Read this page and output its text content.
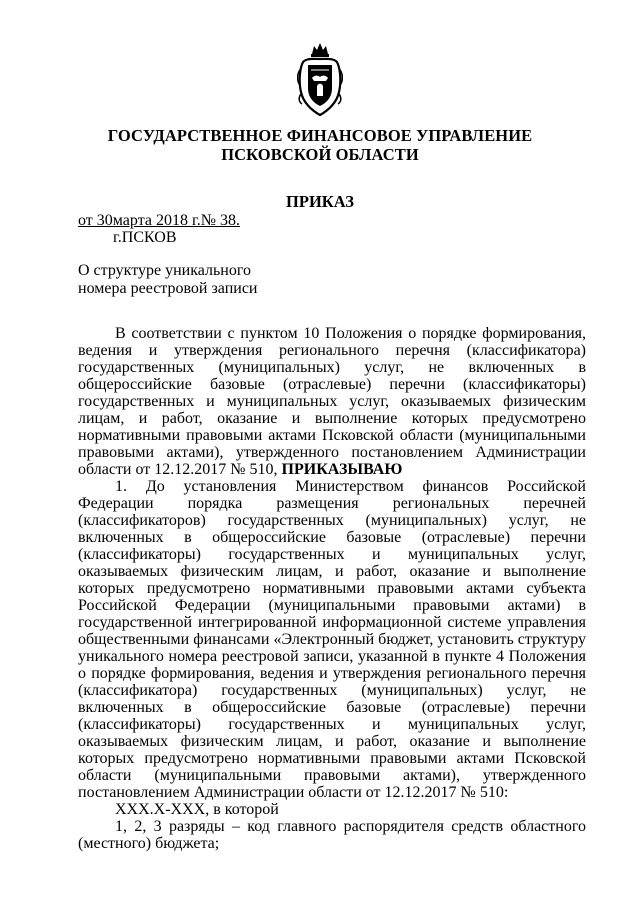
ГОСУДАРСТВЕННОЕ ФИНАНСОВОЕ УПРАВЛЕНИЕ
ПСКОВСКОЙ ОБЛАСТИ
ПРИКАЗ
от 30марта 2018 г.№ 38.
г.ПСКОВ
О структуре уникального
номера реестровой записи

В соответствии с пунктом 10 Положения о порядке формирования, ведения и утверждения регионального перечня (классификатора) государственных (муниципальных) услуг, не включенных в общероссийские базовые (отраслевые) перечни (классификаторы) государственных и муниципальных услуг, оказываемых физическим лицам, и работ, оказание и выполнение которых предусмотрено нормативными правовыми актами Псковской области (муниципальными правовыми актами), утвержденного постановлением Администрации области от 12.12.2017 № 510, ПРИКАЗЫВАЮ

1. До установления Министерством финансов Российской Федерации порядка размещения региональных перечней (классификаторов) государственных (муниципальных) услуг, не включенных в общероссийские базовые (отраслевые) перечни (классификаторы) государственных и муниципальных услуг, оказываемых физическим лицам, и работ, оказание и выполнение которых предусмотрено нормативными правовыми актами субъекта Российской Федерации (муниципальными правовыми актами) в государственной интегрированной информационной системе управления общественными финансами «Электронный бюджет, установить структуру уникального номера реестровой записи, указанной в пункте 4 Положения о порядке формирования, ведения и утверждения регионального перечня (классификатора) государственных (муниципальных) услуг, не включенных в общероссийские базовые (отраслевые) перечни (классификаторы) государственных и муниципальных услуг, оказываемых физическим лицам, и работ, оказание и выполнение которых предусмотрено нормативными правовыми актами Псковской области (муниципальными правовыми актами), утвержденного постановлением Администрации области от 12.12.2017 № 510:

XXX.X-XXX, в которой

1, 2, 3 разряды – код главного распорядителя средств областного (местного) бюджета;
